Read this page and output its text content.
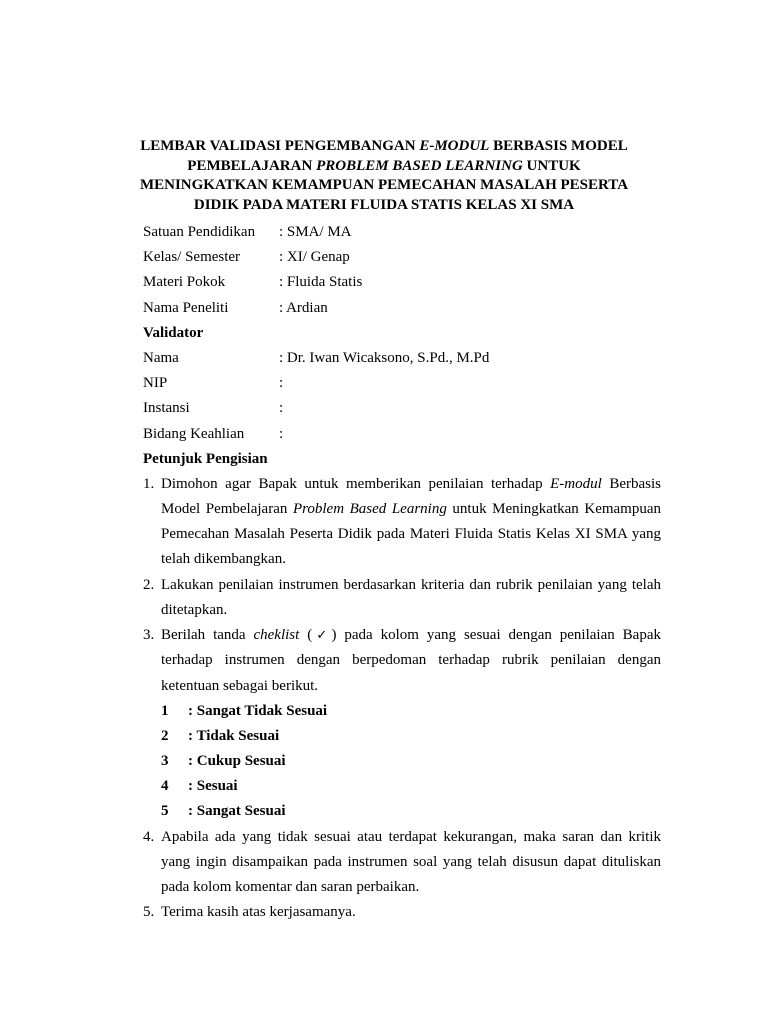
LEMBAR VALIDASI PENGEMBANGAN E-MODUL BERBASIS MODEL
PEMBELAJARAN PROBLEM BASED LEARNING UNTUK
MENINGKATKAN KEMAMPUAN PEMECAHAN MASALAH PESERTA
DIDIK PADA MATERI FLUIDA STATIS KELAS XI SMA
Satuan Pendidikan : SMA/ MA
Kelas/ Semester	: XI/ Genap
Materi Pokok	: Fluida Statis
Nama Peneliti	: Ardian
Validator
Nama	: Dr. Iwan Wicaksono, S.Pd., M.Pd
NIP	:
Instansi	:
Bidang Keahlian :
Petunjuk Pengisian
1. Dimohon agar Bapak untuk memberikan penilaian terhadap E-modul Berbasis Model Pembelajaran Problem Based Learning untuk Meningkatkan Kemampuan Pemecahan Masalah Peserta Didik pada Materi Fluida Statis Kelas XI SMA yang telah dikembangkan.
2. Lakukan penilaian instrumen berdasarkan kriteria dan rubrik penilaian yang telah ditetapkan.
3. Berilah tanda cheklist (✓) pada kolom yang sesuai dengan penilaian Bapak terhadap instrumen dengan berpedoman terhadap rubrik penilaian dengan ketentuan sebagai berikut.
1	: Sangat Tidak Sesuai
2	: Tidak Sesuai
3	: Cukup Sesuai
4	: Sesuai
5	: Sangat Sesuai
4. Apabila ada yang tidak sesuai atau terdapat kekurangan, maka saran dan kritik yang ingin disampaikan pada instrumen soal yang telah disusun dapat dituliskan pada kolom komentar dan saran perbaikan.
5. Terima kasih atas kerjasamanya.
